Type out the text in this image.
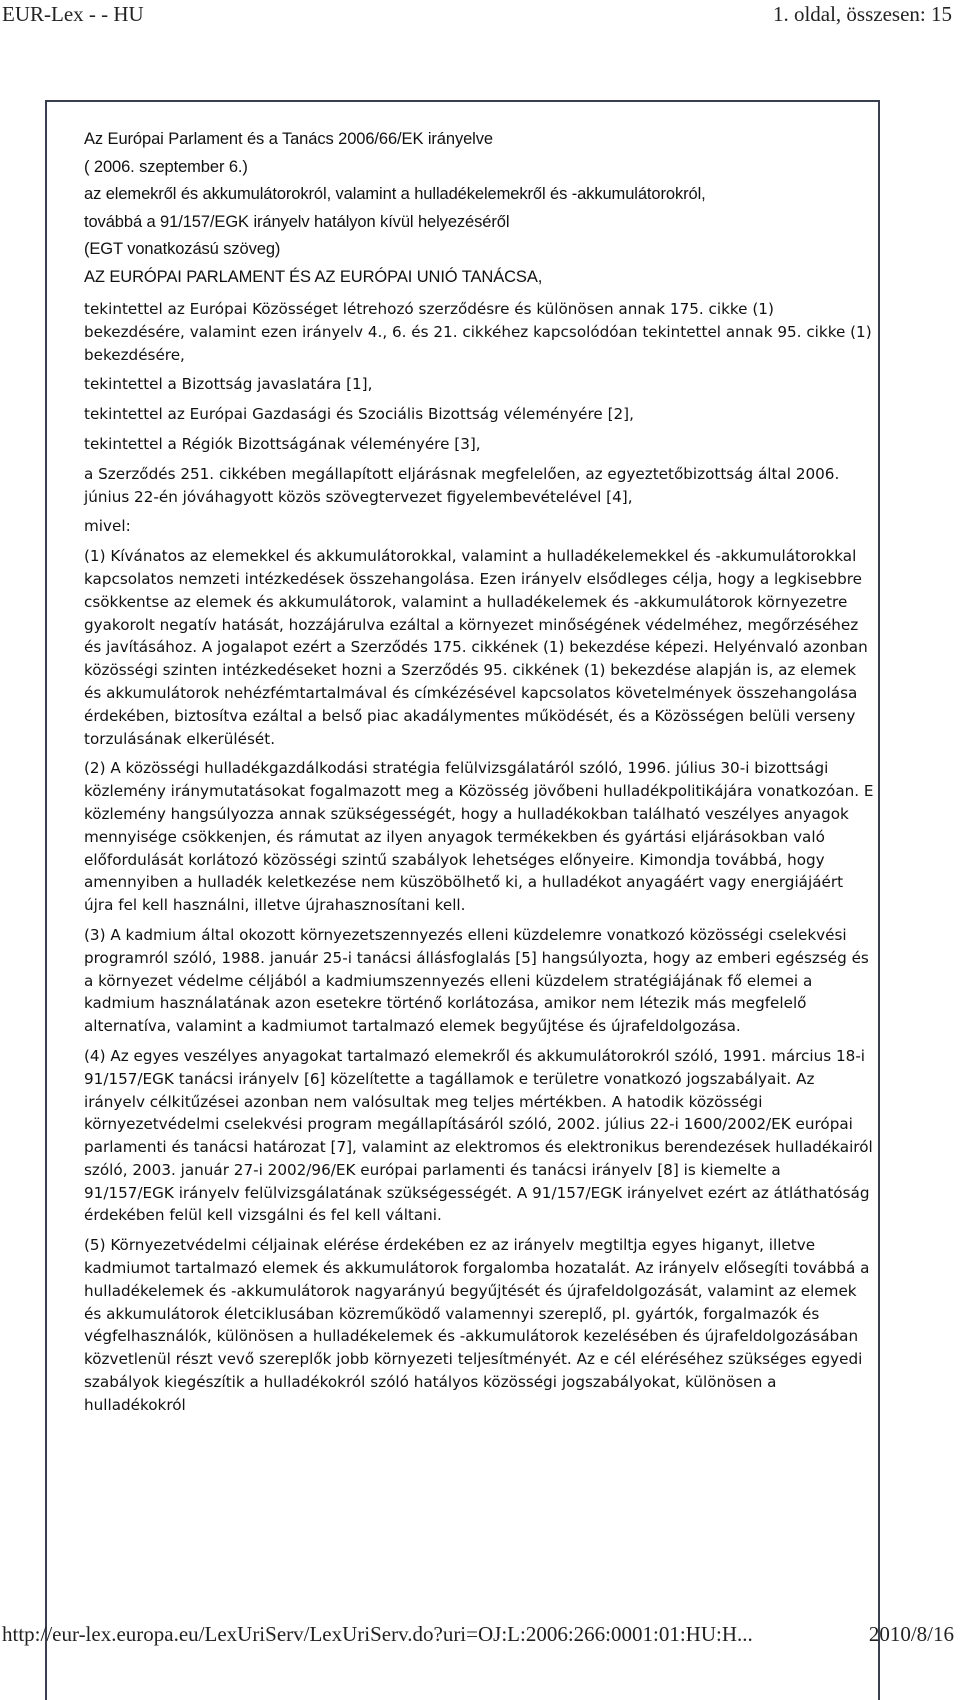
EUR-Lex - - HU	1. oldal, összesen: 15
Az Európai Parlament és a Tanács 2006/66/EK irányelve
( 2006. szeptember 6.)
az elemekről és akkumulátorokról, valamint a hulladékelemekről és -akkumulátorokról,
továbbá a 91/157/EGK irányelv hatályon kívül helyezéséről
(EGT vonatkozású szöveg)
AZ EURÓPAI PARLAMENT ÉS AZ EURÓPAI UNIÓ TANÁCSA,
tekintettel az Európai Közösséget létrehozó szerződésre és különösen annak 175. cikke (1) bekezdésére, valamint ezen irányelv 4., 6. és 21. cikkéhez kapcsolódóan tekintettel annak 95. cikke (1) bekezdésére,
tekintettel a Bizottság javaslatára [1],
tekintettel az Európai Gazdasági és Szociális Bizottság véleményére [2],
tekintettel a Régiók Bizottságának véleményére [3],
a Szerződés 251. cikkében megállapított eljárásnak megfelelően, az egyeztetőbizottság által 2006. június 22-én jóváhagyott közös szövegtervezet figyelembevételével [4],
mivel:
(1) Kívánatos az elemekkel és akkumulátorokkal, valamint a hulladékelemekkel és -akkumulátorokkal kapcsolatos nemzeti intézkedések összehangolása. Ezen irányelv elsődleges célja, hogy a legkisebbre csökkentse az elemek és akkumulátorok, valamint a hulladékelemek és -akkumulátorok környezetre gyakorolt negatív hatását, hozzájárulva ezáltal a környezet minőségének védelméhez, megőrzéséhez és javításához. A jogalapot ezért a Szerződés 175. cikkének (1) bekezdése képezi. Helyénvaló azonban közösségi szinten intézkedéseket hozni a Szerződés 95. cikkének (1) bekezdése alapján is, az elemek és akkumulátorok nehézfémtartalmával és címkézésével kapcsolatos követelmények összehangolása érdekében, biztosítva ezáltal a belső piac akadálymentes működését, és a Közösségen belüli verseny torzulásának elkerülését.
(2) A közösségi hulladékgazdálkodási stratégia felülvizsgálatáról szóló, 1996. július 30-i bizottsági közlemény iránymutatásokat fogalmazott meg a Közösség jövőbeni hulladékpolitikájára vonatkozóan. E közlemény hangsúlyozza annak szükségességét, hogy a hulladékokban található veszélyes anyagok mennyisége csökkenjen, és rámutat az ilyen anyagok termékekben és gyártási eljárásokban való előfordulását korlátozó közösségi szintű szabályok lehetséges előnyeire. Kimondja továbbá, hogy amennyiben a hulladék keletkezése nem küszöbölhető ki, a hulladékot anyagáért vagy energiájáért újra fel kell használni, illetve újrahasznosítani kell.
(3) A kadmium által okozott környezetszennyezés elleni küzdelemre vonatkozó közösségi cselekvési programról szóló, 1988. január 25-i tanácsi állásfoglalás [5] hangsúlyozta, hogy az emberi egészség és a környezet védelme céljából a kadmiumszennyezés elleni küzdelem stratégiájának fő elemei a kadmium használatának azon esetekre történő korlátozása, amikor nem létezik más megfelelő alternatíva, valamint a kadmiumot tartalmazó elemek begyűjtése és újrafeldolgozása.
(4) Az egyes veszélyes anyagokat tartalmazó elemekről és akkumulátorokról szóló, 1991. március 18-i 91/157/EGK tanácsi irányelv [6] közelítette a tagállamok e területre vonatkozó jogszabályait. Az irányelv célkitűzései azonban nem valósultak meg teljes mértékben. A hatodik közösségi környezetvédelmi cselekvési program megállapításáról szóló, 2002. július 22-i 1600/2002/EK európai parlamenti és tanácsi határozat [7], valamint az elektromos és elektronikus berendezések hulladékairól szóló, 2003. január 27-i 2002/96/EK európai parlamenti és tanácsi irányelv [8] is kiemelte a 91/157/EGK irányelv felülvizsgálatának szükségességét. A 91/157/EGK irányelvet ezért az átláthatóság érdekében felül kell vizsgálni és fel kell váltani.
(5) Környezetvédelmi céljainak elérése érdekében ez az irányelv megtiltja egyes higanyt, illetve kadmiumot tartalmazó elemek és akkumulátorok forgalomba hozatalát. Az irányelv elősegíti továbbá a hulladékelemek és -akkumulátorok nagyarányú begyűjtését és újrafeldolgozását, valamint az elemek és akkumulátorok életciklusában közreműködő valamennyi szereplő, pl. gyártók, forgalmazók és végfelhasználók, különösen a hulladékelemek és -akkumulátorok kezelésében és újrafeldolgozásában közvetlenül részt vevő szereplők jobb környezeti teljesítményét. Az e cél eléréséhez szükséges egyedi szabályok kiegészítik a hulladékokról szóló hatályos közösségi jogszabályokat, különösen a hulladékokról
http://eur-lex.europa.eu/LexUriServ/LexUriServ.do?uri=OJ:L:2006:266:0001:01:HU:H...	2010/8/16
